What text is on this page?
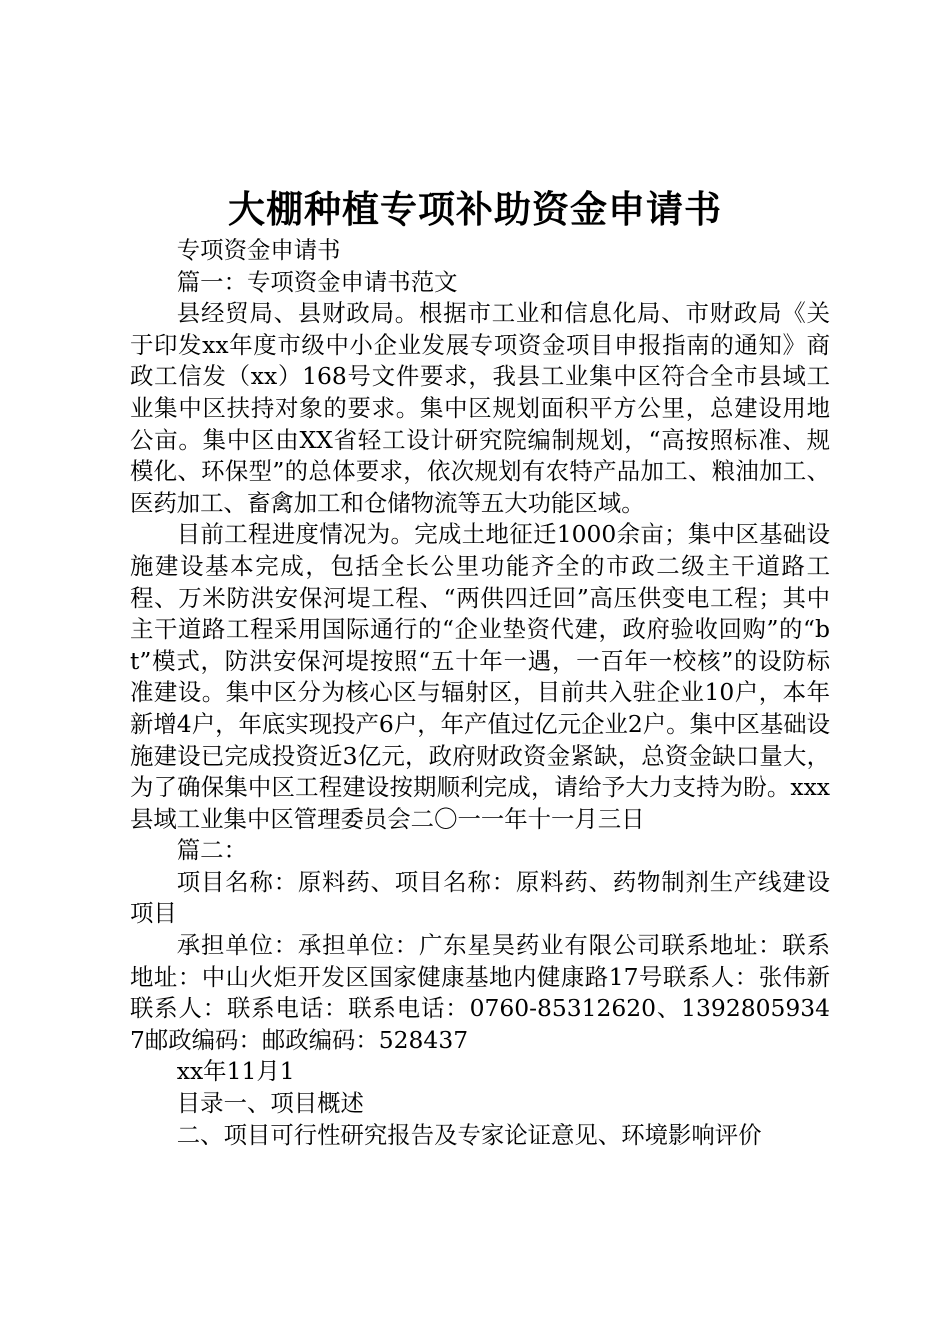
大棚种植专项补助资金申请书

专项资金申请书

篇一：专项资金申请书范文

县经贸局、县财政局。根据市工业和信息化局、市财政局《关于印发xx年度市级中小企业发展专项资金项目申报指南的通知》商政工信发（xx）168号文件要求，我县工业集中区符合全市县域工业集中区扶持对象的要求。集中区规划面积平方公里，总建设用地公亩。集中区由XX省轻工设计研究院编制规划，“高按照标准、规模化、环保型”的总体要求，依次规划有农特产品加工、粮油加工、医药加工、畜禽加工和仓储物流等五大功能区域。

目前工程进度情况为。完成土地征迁1000余亩；集中区基础设施建设基本完成，包括全长公里功能齐全的市政二级主干道路工程、万米防洪安保河堤工程、“两供四迁回”高压供变电工程；其中主干道路工程采用国际通行的“企业垫资代建，政府验收回购”的“bt”模式，防洪安保河堤按照“五十年一遇，一百年一校核”的设防标准建设。集中区分为核心区与辐射区，目前共入驻企业10户，本年新增4户，年底实现投产6户，年产值过亿元企业2户。集中区基础设施建设已完成投资近3亿元，政府财政资金紧缺，总资金缺口量大，为了确保集中区工程建设按期顺利完成，请给予大力支持为盼。xxx县域工业集中区管理委员会二〇一一年十一月三日

篇二：

项目名称：原料药、项目名称：原料药、药物制剂生产线建设项目

承担单位：承担单位：广东星昊药业有限公司联系地址：联系地址：中山火炬开发区国家健康基地内健康路17号联系人：张伟新联系人：联系电话：联系电话：0760-85312620、13928059347邮政编码：邮政编码：528437

xx年11月1

目录一、项目概述

二、项目可行性研究报告及专家论证意见、环境影响评价
